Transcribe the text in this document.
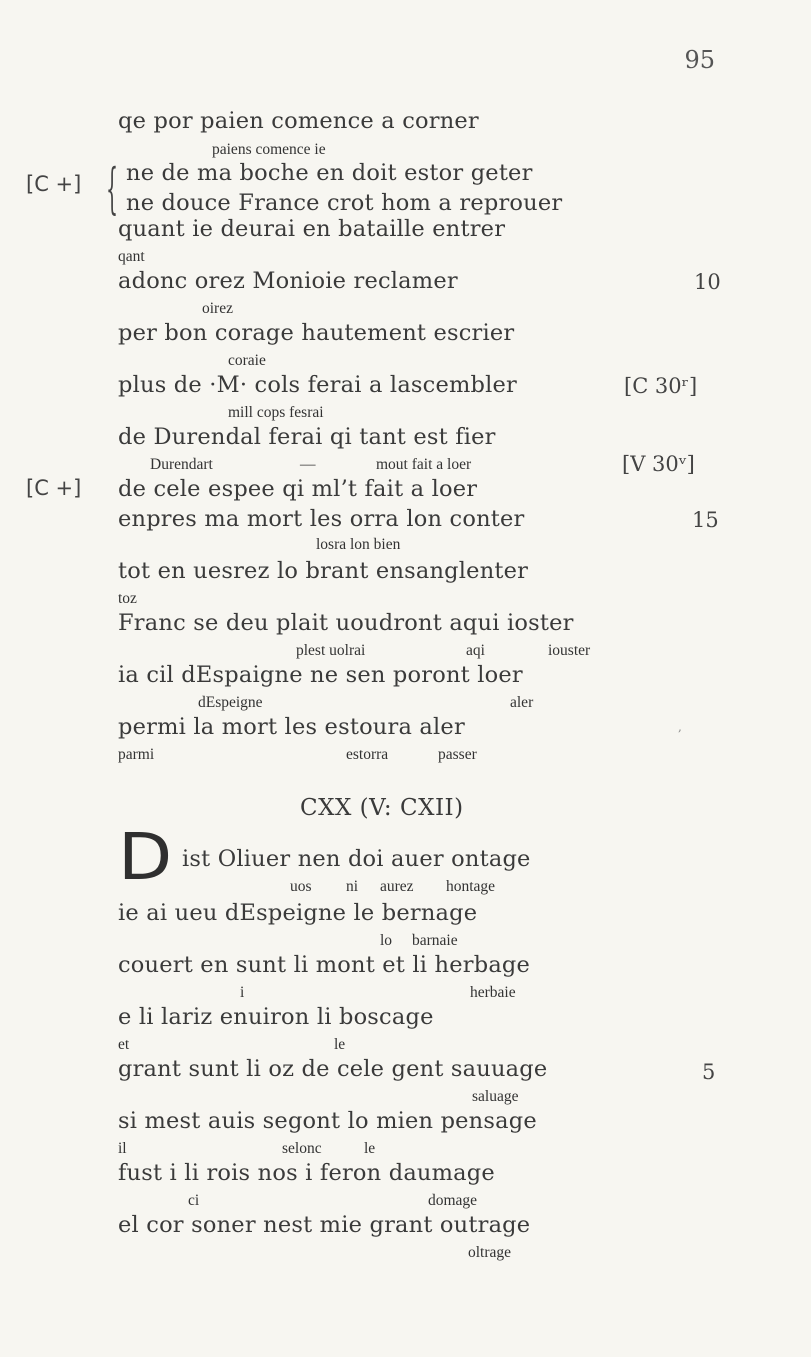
95
qe por paien comence a corner
paiens comence ie
[C +] { ne de ma boche en doit estor geter
ne douce France crot hom a reprouer
quant ie deurai en bataille entrer
qant
adonc orez Monioie reclamer	10
oirez
per bon corage hautement escrier
coraie
plus de ·M· cols ferai a lascembler	[C 30ʳ]
mill cops fesrai
de Durendal ferai qi tant est fier
Durendart	—	mout fait a loer	[V 30ᵛ]
[C +] de cele espee qi ml’t fait a loer
enpres ma mort les orra lon conter	15
losra lon bien
tot en uesrez lo brant ensanglenter
toz
Franc se deu plait uoudront aqui ioster
plest uolrai	aqi	iouster
ia cil dEspaigne ne sen poront loer
dEspeigne	aler
permi la mort les estoura aler
parmi	estorra	passer
,
CXX (V: CXII)
D ist Oliuer nen doi auer ontage
uos ni aurez hontage
ie ai ueu dEspeigne le bernage
lo barnaie
couert en sunt li mont et li herbage
i	herbaie
e li lariz enuiron li boscage
et	le
grant sunt li oz de cele gent sauuage	5
saluage
si mest auis segont lo mien pensage
il	selonc	le
fust i li rois nos i feron daumage
ci	domage
el cor soner nest mie grant outrage
oltrage
